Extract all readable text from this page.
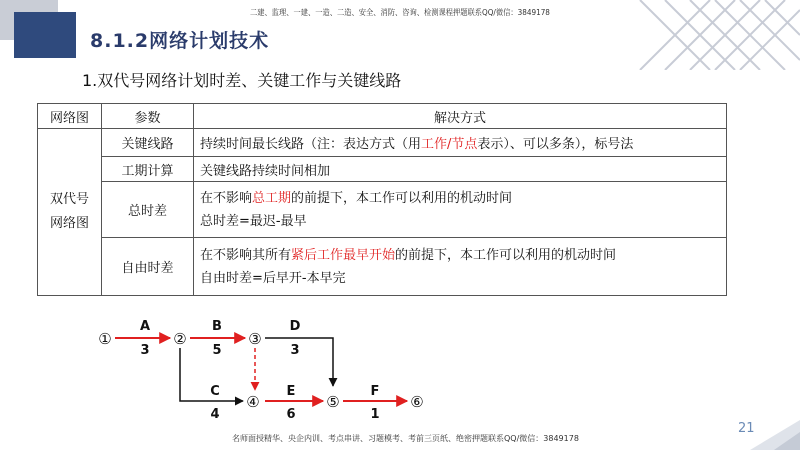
二建、监理、一建、一造、二造、安全、消防、咨询、检测课程押题联系QQ/微信：3849178
8.1.2网络计划技术
1.双代号网络计划时差、关键工作与关键线路
网络图	参数	解决方式
双代号
网络图	关键线路	持续时间最长线路（注：表达方式（用工作/节点表示）、可以多条），标号法
	工期计算	关键线路持续时间相加
	总时差	在不影响总工期的前提下，本工作可以利用的机动时间
总时差=最迟-最早
	自由时差	在不影响其所有紧后工作最早开始的前提下，本工作可以利用的机动时间
自由时差=后早开-本早完
①	②	③
④	⑤	⑥
A
3
B
5
D
3
C
4
E
6
F
1
21
名师面授精华、央企内训、考点串讲、习题模考、考前三页纸、绝密押题联系QQ/微信：3849178
